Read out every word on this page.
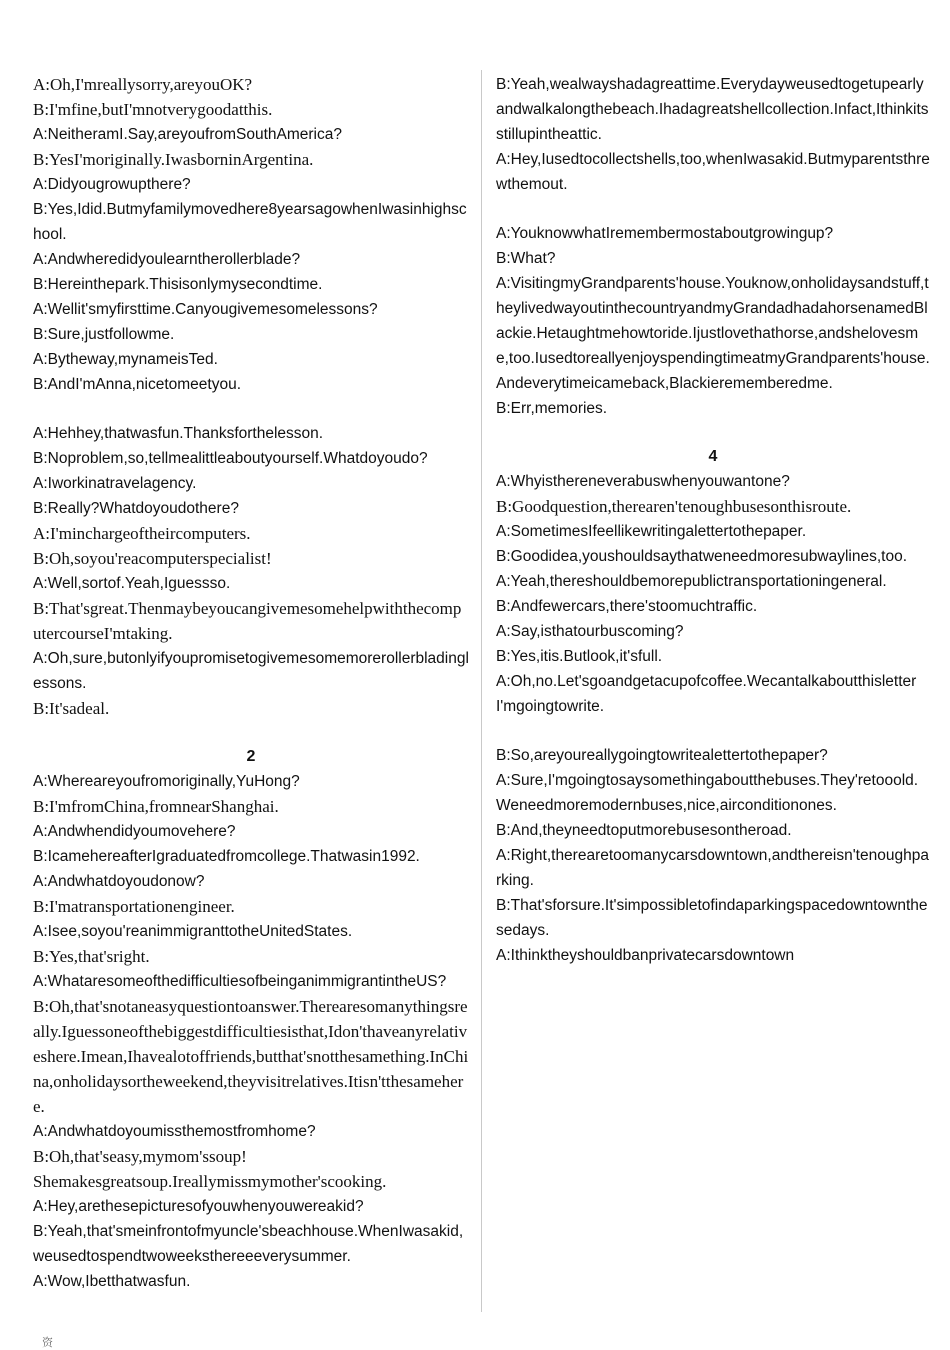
A:Oh,I'mreallysorry,areyouOK?
B:I'mfine,butI'mnotverygoodatthis.
A:NeitheramI.Say,areyoufromSouthAmerica?
B:YesI'moriginally.IwasborninArgentina.
A:Didyougrowupthere?
B:Yes,Idid.Butmyfamilymovedhere8yearsagowhenIwasinhighschool.
A:Andwheredidyoulearntherollerblade?
B:Hereinthepark.Thisisonlymysecondtime.
A:Wellit'smyfirsttime.Canyougivemesomelessons?
B:Sure,justfollowme.
A:Bytheway,mynameisTed.
B:AndI'mAnna,nicetomeetyou.
A:Hehhey,thatwasfun.Thanksforthelesson.
B:Noproblem,so,tellmealittleaboutyourself.Whatdoyoudo?
A:Iworkinatravelagency.
B:Really?Whatdoyoudothere?
A:I'minchargeoftheircomputers.
B:Oh,soyou'reacomputerspecialist!
A:Well,sortof.Yeah,Iguessso.
B:That'sgreat.ThenmaybeyoucangivemesomehelpwiththecomputercourseI'mtaking.
A:Oh,sure,butonlyifyoupromisetogivemesomemorerollerbladinglessons.
B:It'sadeal.
2
A:Whereareyoufromoriginally,YuHong?
B:I'mfromChina,fromnearShanghai.
A:Andwhendidyoumovehere?
B:IcamehereafterIgraduatedfromcollege.Thatwasin1992.
A:Andwhatdoyoudonow?
B:I'matransportationengineer.
A:Isee,soyou'reanimmigranttotheUnitedStates.
B:Yes,that'sright.
A:WhataresomeofthedifficultiesofbeinganimmigrantintheUS?
B:Oh,that'snotaneasyquestiontoanswer.Therearesomanythingsreally.Iguessoneofthebiggestdifficultiesisthat,Idon'thaveanyrelativeshere.Imean,Ihavealotoffriends,butthat'snotthesamething.InChina,onholidaysortheweekend,theyvisitrelatives.Itisn'tthesamehere.
A:Andwhatdoyoumissthemostfromhome?
B:Oh,that'seasy,mymom'ssoup!
Shemakesgreatsoup.Ireallymissmymother'scooking.
A:Hey,arethesepicturesofyouwhenyouwereakid?
B:Yeah,that'smeinfrontofmyuncle'sbeachhouse.WhenIwasakid,weusedtospendtwoweeksthereeeverysummer.
A:Wow,Ibetthatwasfun.
B:Yeah,wealwayshadagreattime.Everydayweusedtogetupearlyandwalkalongthebeach.Ihadagreatshellcollection.Infact,Ithinkitsstillupintheattic.
A:Hey,Iusedtocollectshells,too,whenIwasakid.Butmyparentsthrewthemout.
A:YouknowwhatIremembermostaboutgrowingup?
B:What?
A:VisitingmyGrandparents'house.Youknow,onholidaysandstuff,theylivedwayoutinthecountryandmyGrandadhadahorsenamedBlackie.Hetaughtmehowtoride.Ijustlovethathorse,andshelovesme,too.IusedtoreallyenjoyspendingtimeatmyGrandparents'house.Andeverytimeicameback,Blackierememberedme.
B:Err,memories.
4
A:Whyisthereneverabuswhenyouwantone?
B:Goodquestion,therearen'tenoughbusesonthisroute.
A:SometimesIfeellikewritingalettertothepaper.
B:Goodidea,youshouldsaythatweneedmoresubwaylines,too.
A:Yeah,thereshouldbemorepublictransportationingeneral.
B:Andfewercars,there'stoomuchtraffic.
A:Say,isthatourbuscoming?
B:Yes,itis.Butlook,it'sfull.
A:Oh,no.Let'sgoandgetacupofcoffee.WecantalkaboutthisletterI'mgoingtowrite.
B:So,areyoureallygoingtowritealettertothepaper?
A:Sure,I'mgoingtosaysomethingaboutthebuses.They'retooold.Weneedmoremodernbuses,nice,airconditionones.
B:And,theyneedtoputmorebusesontheroad.
A:Right,therearetoomanycarsdowntown,andthereisn'tenoughparking.
B:That'sforsure.It'simpossibletofindaparkingspacedowntownthesedays.
A:Ithinktheyshouldbanprivatecarsdowntown
资
